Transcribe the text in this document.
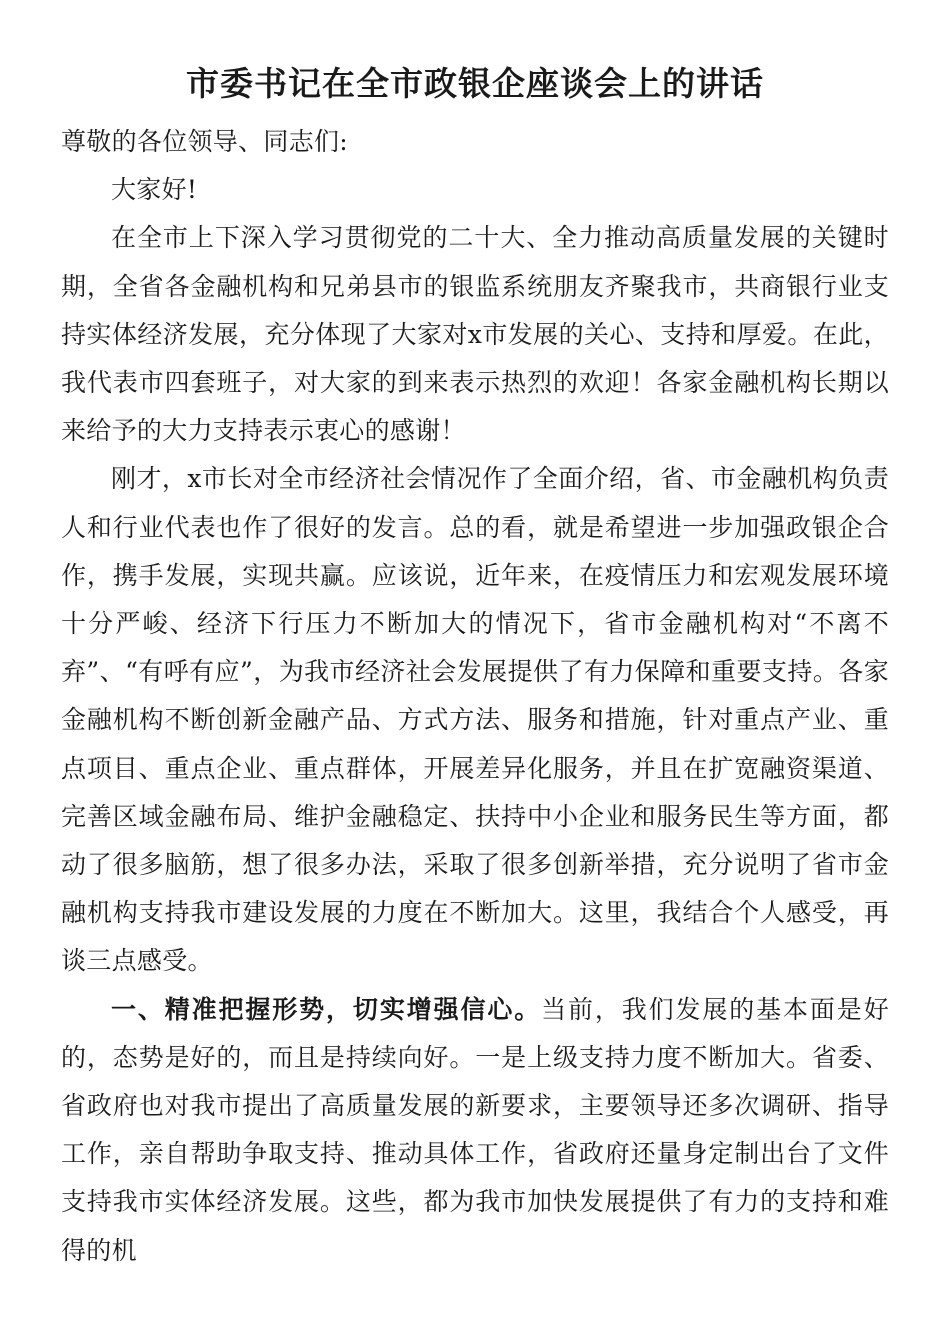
市委书记在全市政银企座谈会上的讲话

尊敬的各位领导、同志们:

大家好!

在全市上下深入学习贯彻党的二十大、全力推动高质量发展的关键时期，全省各金融机构和兄弟县市的银监系统朋友齐聚我市，共商银行业支持实体经济发展，充分体现了大家对x市发展的关心、支持和厚爱。在此，我代表市四套班子，对大家的到来表示热烈的欢迎！各家金融机构长期以来给予的大力支持表示衷心的感谢！

刚才，x市长对全市经济社会情况作了全面介绍，省、市金融机构负责人和行业代表也作了很好的发言。总的看，就是希望进一步加强政银企合作，携手发展，实现共赢。应该说，近年来，在疫情压力和宏观发展环境十分严峻、经济下行压力不断加大的情况下，省市金融机构对“不离不弃”、“有呼有应”，为我市经济社会发展提供了有力保障和重要支持。各家金融机构不断创新金融产品、方式方法、服务和措施，针对重点产业、重点项目、重点企业、重点群体，开展差异化服务，并且在扩宽融资渠道、完善区域金融布局、维护金融稳定、扶持中小企业和服务民生等方面，都动了很多脑筋，想了很多办法，采取了很多创新举措，充分说明了省市金融机构支持我市建设发展的力度在不断加大。这里，我结合个人感受，再谈三点感受。

一、精准把握形势，切实增强信心。当前，我们发展的基本面是好的，态势是好的，而且是持续向好。一是上级支持力度不断加大。省委、省政府也对我市提出了高质量发展的新要求，主要领导还多次调研、指导工作，亲自帮助争取支持、推动具体工作，省政府还量身定制出台了文件支持我市实体经济发展。这些，都为我市加快发展提供了有力的支持和难得的机
